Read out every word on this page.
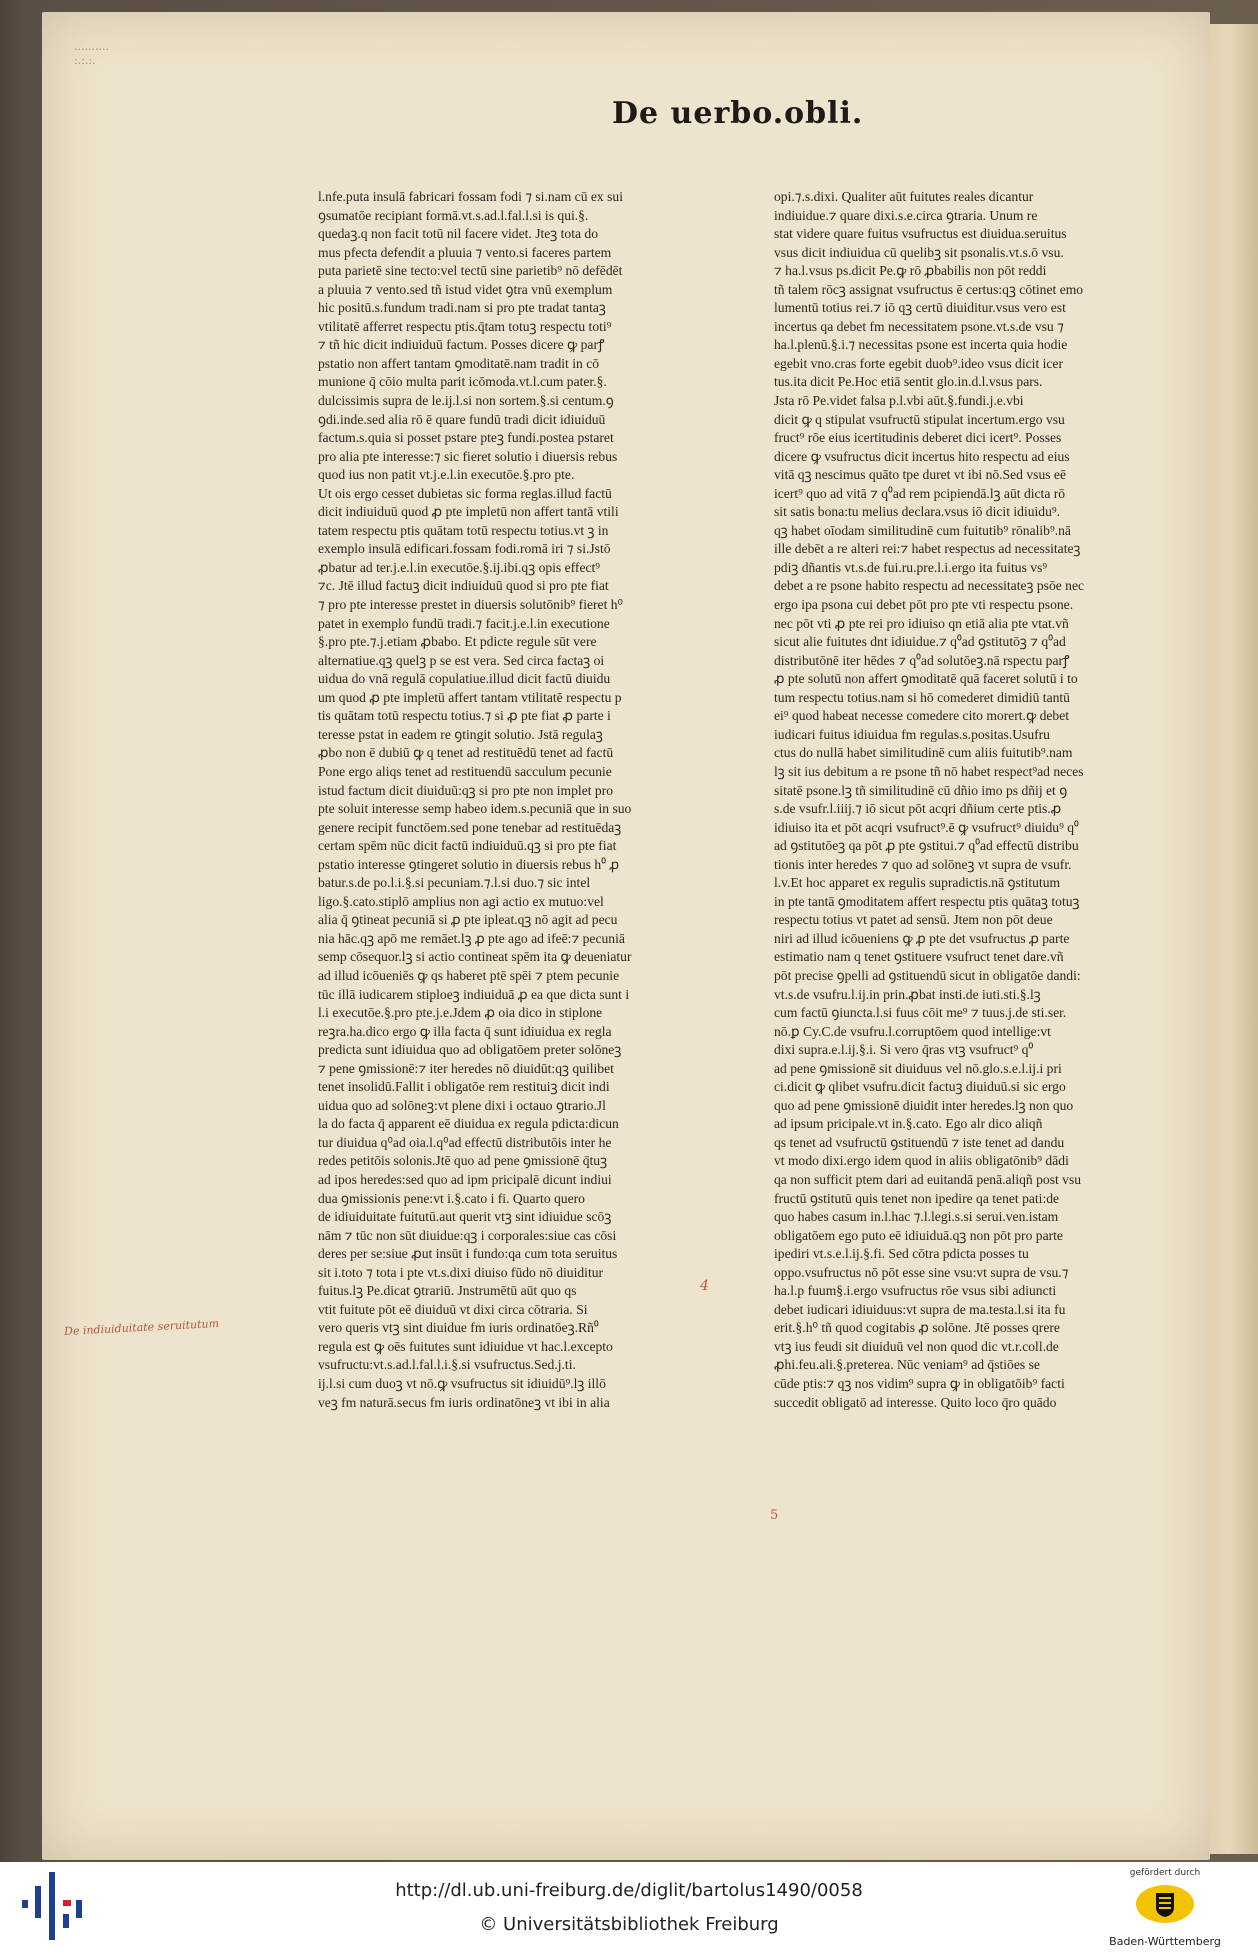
..........
:.:.:.
De uerbo.obli.
l.nfe.puta insulā fabricari fossam fodi ⁊ si.nam cū ex sui
ꝯsumatōe recipiant formā.vt.s.ad.l.fal.l.si is qui.§.
quedaꝫ.q non facit totū nil facere videt. Jteꝫ tota do
mus pfecta defendit a pluuia ⁊ vento.si faceres partem
puta parietē sine tecto:vel tectū sine parietib⁹ nō defēdēt
a pluuia ⁊ vento.sed tñ istud videt ꝯtra vnū exemplum
hic positū.s.fundum tradi.nam si pro pte tradat tantaꝫ
vtilitatē afferret respectu ptis.q̄tam totuꝫ respectu toti⁹
⁊ tñ hic dicit indiuiduū factum. Posses dicere ꝙ parꝭ
pstatio non affert tantam ꝯmoditatē.nam tradit in cō
munione q̄ cōio multa parit icōmoda.vt.l.cum pater.§.
dulcissimis supra de le.ij.l.si non sortem.§.si centum.ꝯ
ꝯdi.inde.sed alia rō ē quare fundū tradi dicit idiuiduū
factum.s.quia si posset pstare pteꝫ fundi.postea pstaret
pro alia pte interesse:⁊ sic fieret solutio i diuersis rebus
quod ius non patit vt.j.e.l.in executōe.§.pro pte.
Ut ois ergo cesset dubietas sic forma reglas.illud factū
dicit indiuiduū quod ꝓ pte impletū non affert tantā vtili
tatem respectu ptis quātam totū respectu totius.vt ꝫ in
exemplo insulā edificari.fossam fodi.romā iri ⁊ si.Jstō
ꝓbatur ad ter.j.e.l.in executōe.§.ij.ibi.qꝫ opis effect⁹
⁊c. Jtē illud factuꝫ dicit indiuiduū quod si pro pte fiat
⁊ pro pte interesse prestet in diuersis solutōnib⁹ fieret h⁰
patet in exemplo fundū tradi.⁊ facit.j.e.l.in executione
§.pro pte.⁊.j.etiam ꝓbabo. Et pdicte regule sūt vere
alternatiue.qꝫ quelꝫ p se est vera. Sed circa factaꝫ oi
uidua do vnā regulā copulatiue.illud dicit factū diuidu
um quod ꝓ pte impletū affert tantam vtilitatē respectu p
tis quātam totū respectu totius.⁊ si ꝓ pte fiat ꝓ parte i
teresse pstat in eadem re ꝯtingit solutio. Jstā regulaꝫ
ꝓbo non ē dubiū ꝙ q tenet ad restituēdū tenet ad factū
Pone ergo aliqs tenet ad restituendū sacculum pecunie
istud factum dicit diuiduū:qꝫ si pro pte non implet pro
pte soluit interesse semp habeo idem.s.pecuniā que in suo
genere recipit functōem.sed pone tenebar ad restituēdaꝫ
certam spēm nūc dicit factū indiuiduū.qꝫ si pro pte fiat
pstatio interesse ꝯtingeret solutio in diuersis rebus h⁰ ꝓ
batur.s.de po.l.i.§.si pecuniam.⁊.l.si duo.⁊ sic intel
ligo.§.cato.stiplō amplius non agi actio ex mutuo:vel
alia q̄ ꝯtineat pecuniā si ꝓ pte ipleat.qꝫ nō agit ad pecu
nia hāc.qꝫ apō me remāet.lꝫ ꝓ pte ago ad ifeē:⁊ pecuniā
semp cōsequor.lꝫ si actio contineat spēm ita ꝙ deueniatur
ad illud icōueniēs ꝙ qs haberet ptē spēi ⁊ ptem pecunie
tūc illā iudicarem stiploeꝫ indiuiduā ꝓ ea que dicta sunt i
l.i executōe.§.pro pte.j.e.Jdem ꝓ oia dico in stiplone
reꝫra.ha.dico ergo ꝙ illa facta q̄ sunt idiuidua ex regla
predicta sunt idiuidua quo ad obligatōem preter solōneꝫ
⁊ pene ꝯmissionē:⁊ iter heredes nō diuidūt:qꝫ quilibet
tenet insolidū.Fallit i obligatōe rem restituiꝫ dicit indi
uidua quo ad solōneꝫ:vt plene dixi i octauo ꝯtrario.Jl
la do facta q̄ apparent eē diuidua ex regula pdicta:dicun
tur diuidua q⁰ad oia.l.q⁰ad effectū distributōis inter he
redes petitōis solonis.Jtē quo ad pene ꝯmissionē q̄tuꝫ
ad ipos heredes:sed quo ad ipm pricipalē dicunt indiui
dua ꝯmissionis pene:vt i.§.cato i fi. Quarto quero
de idiuiduitate fuitutū.aut querit vtꝫ sint idiuidue scōꝫ
nām ⁊ tūc non sūt diuidue:qꝫ i corporales:siue cas cōsi
deres per se:siue ꝓut insūt i fundo:qa cum tota seruitus
sit i.toto ⁊ tota i pte vt.s.dixi diuiso fūdo nō diuiditur
fuitus.lꝫ Pe.dicat ꝯtrariū. Jnstrumētū aūt quo qs
vtit fuitute pōt eē diuiduū vt dixi circa cōtraria. Si
vero queris vtꝫ sint diuidue fm iuris ordinatōeꝫ.Rñ⁰
regula est ꝙ oēs fuitutes sunt idiuidue vt hac.l.excepto
vsufructu:vt.s.ad.l.fal.l.i.§.si vsufructus.Sed.j.ti.
ij.l.si cum duoꝫ vt nō.ꝙ vsufructus sit idiuidū⁹.lꝫ illō
veꝫ fm naturā.secus fm iuris ordinatōneꝫ vt ibi in alia
opi.⁊.s.dixi. Qualiter aūt fuitutes reales dicantur
indiuidue.⁊ quare dixi.s.e.circa ꝯtraria. Unum re
stat videre quare fuitus vsufructus est diuidua.seruitus
vsus dicit indiuidua cū quelibꝫ sit psonalis.vt.s.ō vsu.
⁊ ha.l.vsus ps.dicit Pe.ꝙ rō ꝓbabilis non pōt reddi
tñ talem rōcꝫ assignat vsufructus ē certus:qꝫ cōtinet emo
lumentū totius rei.⁊ iō qꝫ certū diuiditur.vsus vero est
incertus qa debet fm necessitatem psone.vt.s.de vsu ⁊
ha.l.plenū.§.i.⁊ necessitas psone est incerta quia hodie
egebit vno.cras forte egebit duob⁹.ideo vsus dicit icer
tus.ita dicit Pe.Hoc etiā sentit glo.in.d.l.vsus pars.
Jsta rō Pe.videt falsa p.l.vbi aūt.§.fundi.j.e.vbi
dicit ꝙ q stipulat vsufructū stipulat incertum.ergo vsu
fruct⁹ rōe eius icertitudinis deberet dici icert⁹. Posses
dicere ꝙ vsufructus dicit incertus hito respectu ad eius
vitā qꝫ nescimus quāto tpe duret vt ibi nō.Sed vsus eē
icert⁹ quo ad vitā ⁊ q⁰ad rem pcipiendā.lꝫ aūt dicta rō
sit satis bona:tu melius declara.vsus iō dicit idiuidu⁹.
qꝫ habet oīodam similitudinē cum fuitutib⁹ rōnalib⁹.nā
ille debēt a re alteri rei:⁊ habet respectus ad necessitateꝫ
pdiꝫ dñantis vt.s.de fui.ru.pre.l.i.ergo ita fuitus vs⁹
debet a re psone habito respectu ad necessitateꝫ psōe nec
ergo ipa psona cui debet pōt pro pte vti respectu psone.
nec pōt vti ꝓ pte rei pro idiuiso qn etiā alia pte vtat.vñ
sicut alie fuitutes dnt idiuidue.⁊ q⁰ad ꝯstitutōꝫ ⁊ q⁰ad
distributōnē iter hēdes ⁊ q⁰ad solutōeꝫ.nā rspectu parꝭ
ꝓ pte solutū non affert ꝯmoditatē quā faceret solutū i to
tum respectu totius.nam si hō comederet dimidiū tantū
ei⁹ quod habeat necesse comedere cito morert.ꝙ debet
iudicari fuitus idiuidua fm regulas.s.positas.Usufru
ctus do nullā habet similitudinē cum aliis fuitutib⁹.nam
lꝫ sit ius debitum a re psone tñ nō habet respect⁹ad neces
sitatē psone.lꝫ tñ similitudinē cū dñio imo ps dñij et ꝯ
s.de vsufr.l.iiij.⁊ iō sicut pōt acqri dñium certe ptis.ꝓ
idiuiso ita et pōt acqri vsufruct⁹.ē ꝙ vsufruct⁹ diuidu⁹ q⁰
ad ꝯstitutōeꝫ qa pōt ꝓ pte ꝯstitui.⁊ q⁰ad effectū distribu
tionis inter heredes ⁊ quo ad solōneꝫ vt supra de vsufr.
l.v.Et hoc apparet ex regulis supradictis.nā ꝯstitutum
in pte tantā ꝯmoditatem affert respectu ptis quātaꝫ totuꝫ
respectu totius vt patet ad sensū. Jtem non pōt deue
niri ad illud icōueniens ꝙ ꝓ pte det vsufructus ꝓ parte
estimatio nam q tenet ꝯstituere vsufruct tenet dare.vñ
pōt precise ꝯpelli ad ꝯstituendū sicut in obligatōe dandi:
vt.s.de vsufru.l.ij.in prin.ꝓbat insti.de iuti.sti.§.lꝫ
cum factū ꝯiuncta.l.si fuus cōit me⁹ ⁊ tuus.j.de sti.ser.
nō.ꝑ Cy.C.de vsufru.l.corruptōem quod intellige:vt
dixi supra.e.l.ij.§.i. Si vero q̄ras vtꝫ vsufruct⁹ q⁰
ad pene ꝯmissionē sit diuiduus vel nō.glo.s.e.l.ij.i pri
ci.dicit ꝙ qlibet vsufru.dicit factuꝫ diuiduū.si sic ergo
quo ad pene ꝯmissionē diuidit inter heredes.lꝫ non quo
ad ipsum pricipale.vt in.§.cato. Ego alr dico aliqñ
qs tenet ad vsufructū ꝯstituendū ⁊ iste tenet ad dandu
vt modo dixi.ergo idem quod in aliis obligatōnib⁹ dādi
qa non sufficit ptem dari ad euitandā penā.aliqñ post vsu
fructū ꝯstitutū quis tenet non ipedire qa tenet pati:de
quo habes casum in.l.hac ⁊.l.legi.s.si serui.ven.istam
obligatōem ego puto eē idiuiduā.qꝫ non pōt pro parte
ipediri vt.s.e.l.ij.§.fi. Sed cōtra pdicta posses tu
oppo.vsufructus nō pōt esse sine vsu:vt supra de vsu.⁊
ha.l.p fuum§.i.ergo vsufructus rōe vsus sibi adiuncti
debet iudicari idiuiduus:vt supra de ma.testa.l.si ita fu
erit.§.h⁰ tñ quod cogitabis ꝓ solōne. Jtē posses qrere
vtꝫ ius feudi sit diuiduū vel non quod dic vt.r.coll.de
ꝓhi.feu.ali.§.preterea. Nūc veniam⁹ ad q̄stiōes se
cūde ptis:⁊ qꝫ nos vidim⁹ supra ꝙ in obligatōib⁹ facti
succedit obligatō ad interesse. Quito loco q̄ro quādo
De indiuiduitate seruitutum
4
5
http://dl.ub.uni-freiburg.de/diglit/bartolus1490/0058
© Universitätsbibliothek Freiburg
gefördert durch
Baden-Württemberg
